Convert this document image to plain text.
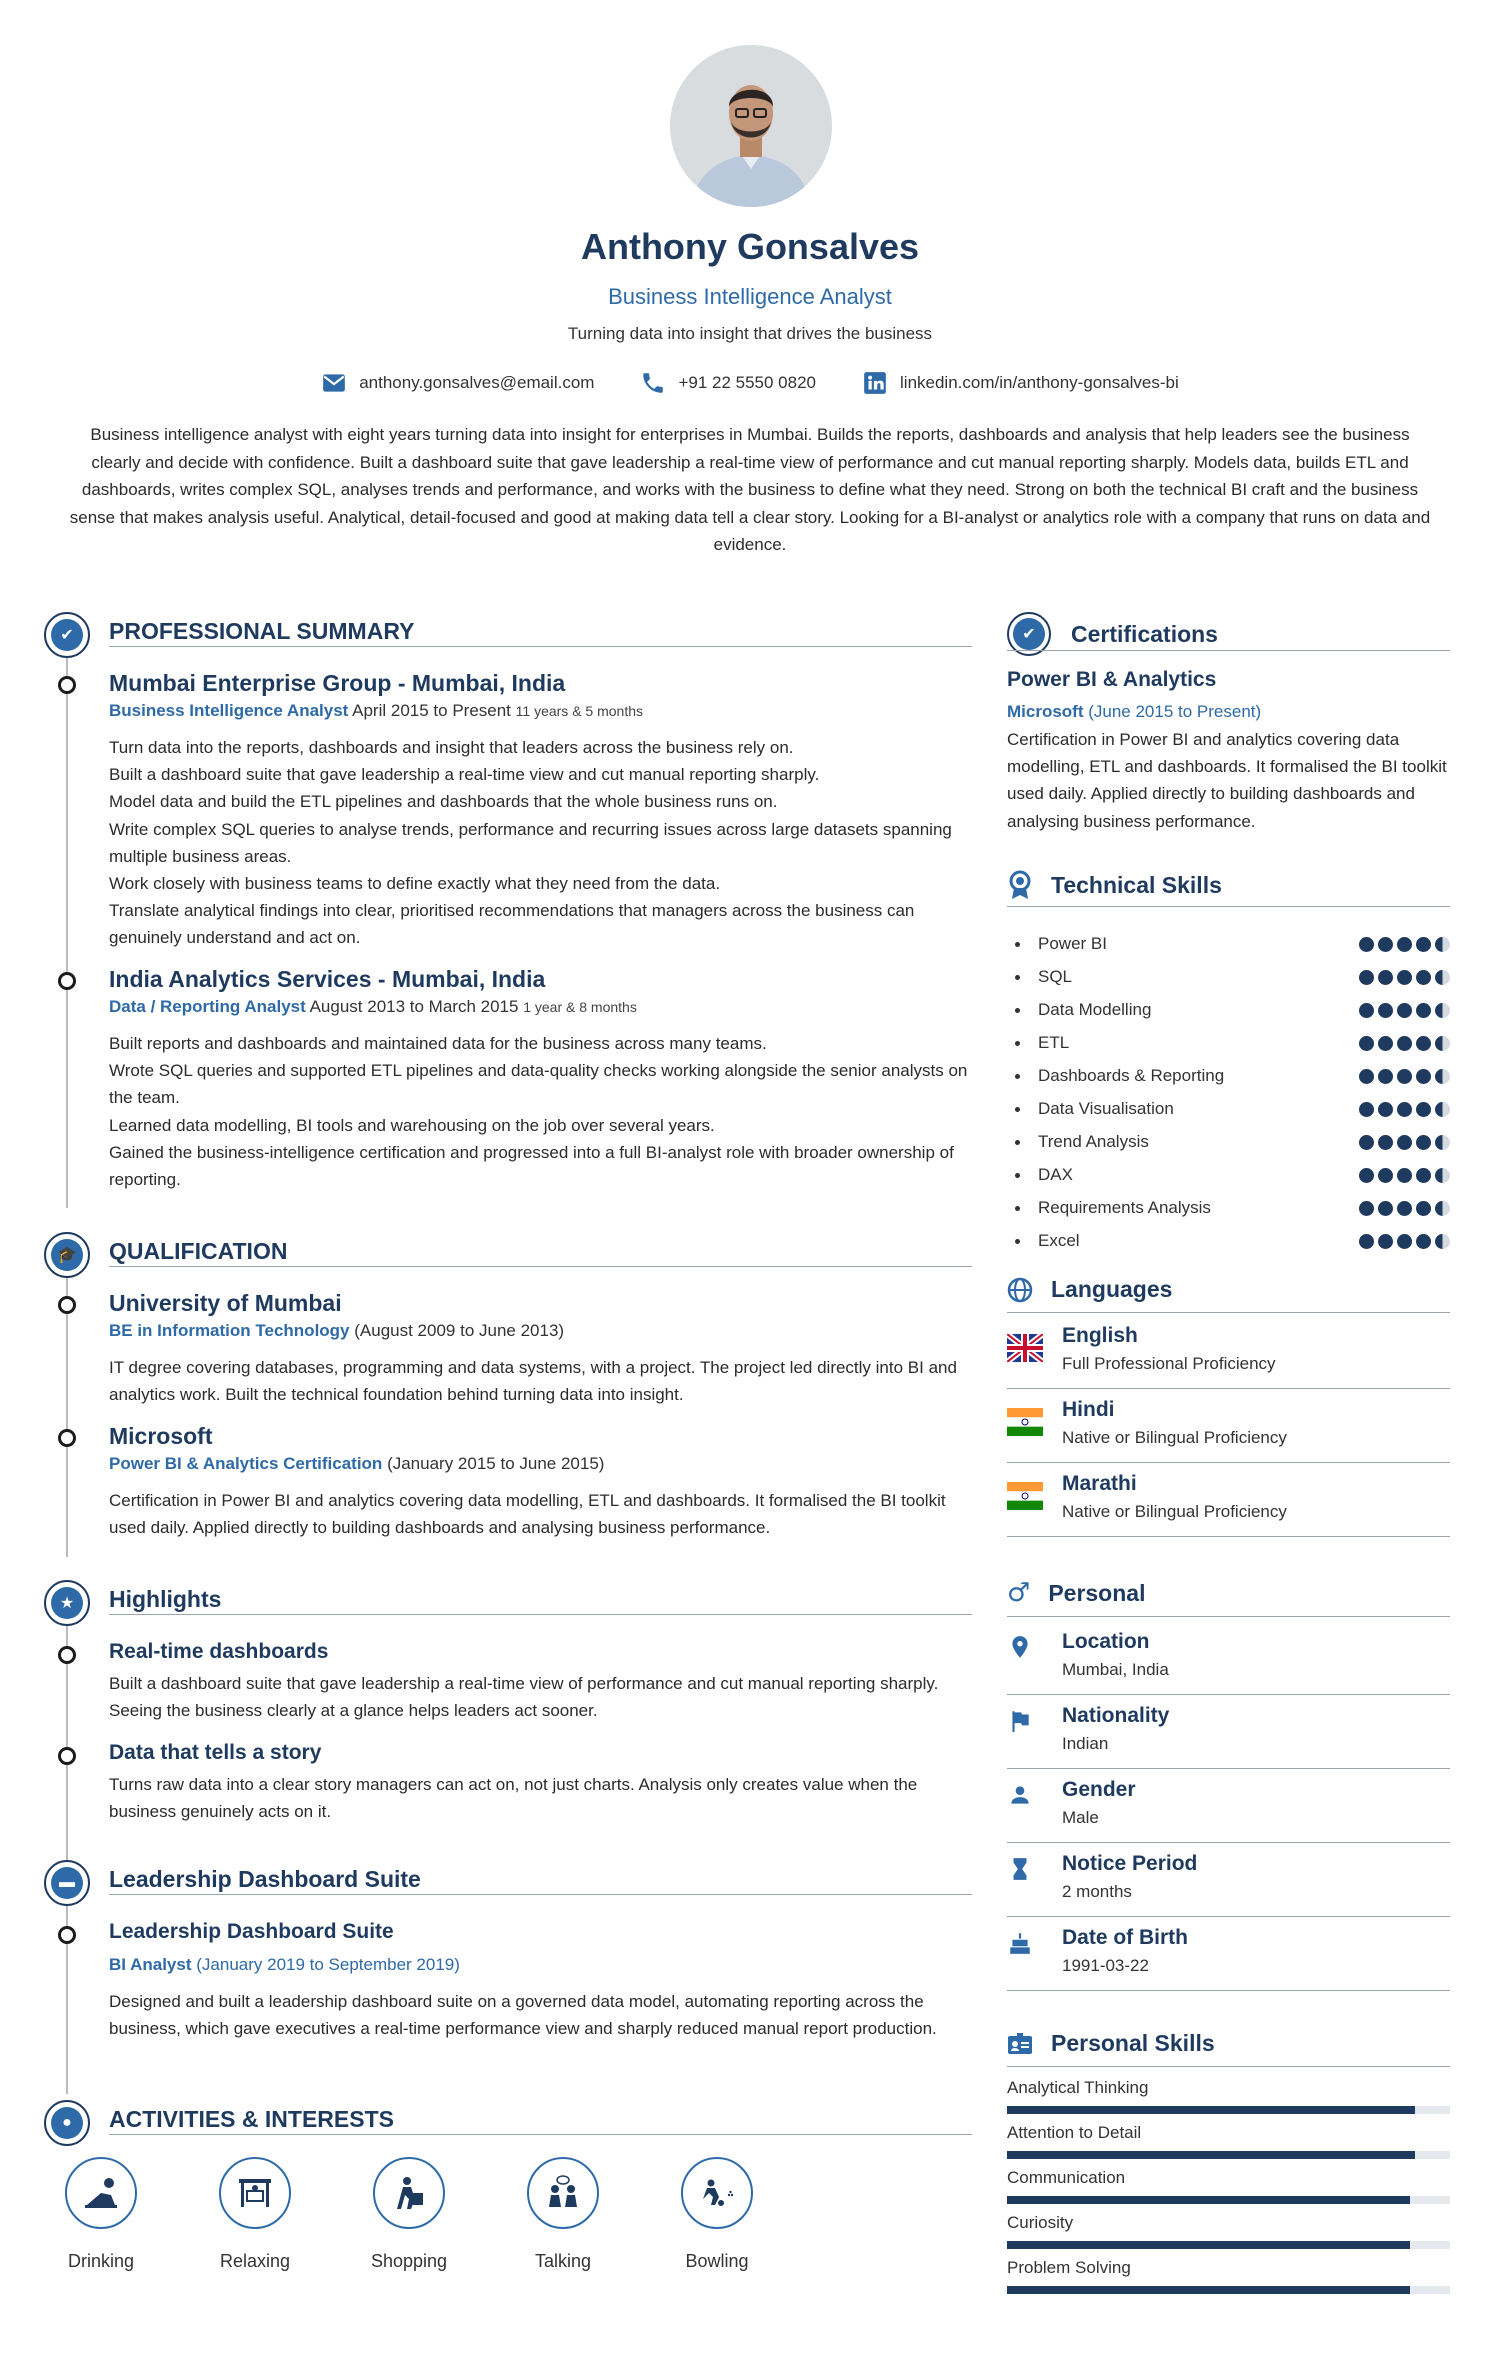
Anthony Gonsalves
Business Intelligence Analyst
Turning data into insight that drives the business
anthony.gonsalves@email.com	+91 22 5550 0820	linkedin.com/in/anthony-gonsalves-bi
Business intelligence analyst with eight years turning data into insight for enterprises in Mumbai. Builds the reports, dashboards and analysis that help leaders see the business clearly and decide with confidence. Built a dashboard suite that gave leadership a real-time view of performance and cut manual reporting sharply. Models data, builds ETL and dashboards, writes complex SQL, analyses trends and performance, and works with the business to define what they need. Strong on both the technical BI craft and the business sense that makes analysis useful. Analytical, detail-focused and good at making data tell a clear story. Looking for a BI-analyst or analytics role with a company that runs on data and evidence.
✔	PROFESSIONAL SUMMARY
Mumbai Enterprise Group - Mumbai, India
Business Intelligence Analyst April 2015 to Present 11 years & 5 months
Turn data into the reports, dashboards and insight that leaders across the business rely on.
Built a dashboard suite that gave leadership a real-time view and cut manual reporting sharply.
Model data and build the ETL pipelines and dashboards that the whole business runs on.
Write complex SQL queries to analyse trends, performance and recurring issues across large datasets spanning multiple business areas.
Work closely with business teams to define exactly what they need from the data.
Translate analytical findings into clear, prioritised recommendations that managers across the business can genuinely understand and act on.
India Analytics Services - Mumbai, India
Data / Reporting Analyst August 2013 to March 2015 1 year & 8 months
Built reports and dashboards and maintained data for the business across many teams.
Wrote SQL queries and supported ETL pipelines and data-quality checks working alongside the senior analysts on the team.
Learned data modelling, BI tools and warehousing on the job over several years.
Gained the business-intelligence certification and progressed into a full BI-analyst role with broader ownership of reporting.
🎓 QUALIFICATION
University of Mumbai
BE in Information Technology (August 2009 to June 2013)
IT degree covering databases, programming and data systems, with a project. The project led directly into BI and analytics work. Built the technical foundation behind turning data into insight.
Microsoft
Power BI & Analytics Certification (January 2015 to June 2015)
Certification in Power BI and analytics covering data modelling, ETL and dashboards. It formalised the BI toolkit used daily. Applied directly to building dashboards and analysing business performance.
★	Highlights
Real-time dashboards
Built a dashboard suite that gave leadership a real-time view of performance and cut manual reporting sharply. Seeing the business clearly at a glance helps leaders act sooner.
Data that tells a story
Turns raw data into a clear story managers can act on, not just charts. Analysis only creates value when the business genuinely acts on it.
▬	Leadership Dashboard Suite
Leadership Dashboard Suite
BI Analyst (January 2019 to September 2019)
Designed and built a leadership dashboard suite on a governed data model, automating reporting across the business, which gave executives a real-time performance view and sharply reduced manual report production.
●	ACTIVITIES & INTERESTS
Drinking	Relaxing	Shopping	Talking	Bowling
✔	Certifications
Power BI & Analytics
Microsoft (June 2015 to Present)
Certification in Power BI and analytics covering data modelling, ETL and dashboards. It formalised the BI toolkit used daily. Applied directly to building dashboards and analysing business performance.
Technical Skills
Power BI
SQL
Data Modelling
ETL
Dashboards & Reporting
Data Visualisation
Trend Analysis
DAX
Requirements Analysis
Excel
Languages
English
Full Professional Proficiency
Hindi
Native or Bilingual Proficiency
Marathi
Native or Bilingual Proficiency
♂ Personal
Location
Mumbai, India
Nationality
Indian
Gender
Male
Notice Period
2 months
Date of Birth
1991-03-22
Personal Skills
Analytical Thinking
Attention to Detail
Communication
Curiosity
Problem Solving
